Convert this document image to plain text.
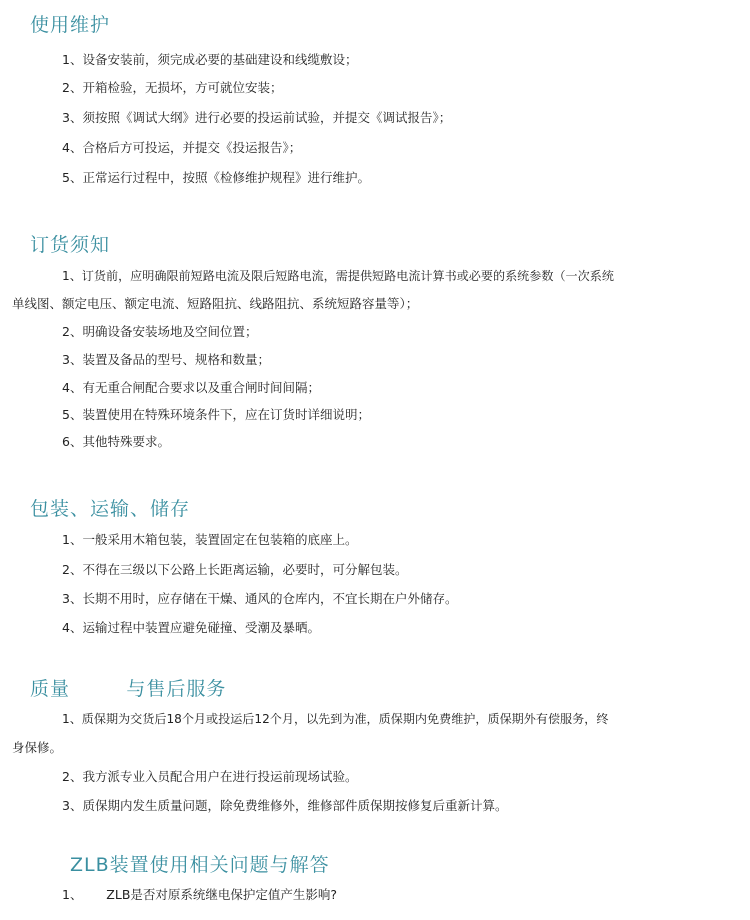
使用维护

1、设备安装前，须完成必要的基础建设和线缆敷设；

2、开箱检验，无损坏，方可就位安装；

3、须按照《调试大纲》进行必要的投运前试验，并提交《调试报告》；

4、合格后方可投运，并提交《投运报告》；

5、正常运行过程中，按照《检修维护规程》进行维护。

订货须知

1、订货前，应明确限前短路电流及限后短路电流，需提供短路电流计算书或必要的系统参数（一次系统

单线图、额定电压、额定电流、短路阻抗、线路阻抗、系统短路容量等）；

2、明确设备安装场地及空间位置；

3、装置及备品的型号、规格和数量；

4、有无重合闸配合要求以及重合闸时间间隔；

5、装置使用在特殊环境条件下，应在订货时详细说明；

6、其他特殊要求。

包装、运输、储存

1、一般采用木箱包装，装置固定在包装箱的底座上。

2、不得在三级以下公路上长距离运输，必要时，可分解包装。

3、长期不用时，应存储在干燥、通风的仓库内，不宜长期在户外储存。

4、运输过程中装置应避免碰撞、受潮及暴晒。

质量        与售后服务

1、质保期为交货后18个月或投运后12个月，以先到为准，质保期内免费维护，质保期外有偿服务，终

身保修。

2、我方派专业入员配合用户在进行投运前现场试验。

3、质保期内发生质量问题，除免费维修外，维修部件质保期按修复后重新计算。

ZLB装置使用相关问题与解答

1、      ZLB是否对原系统继电保护定值产生影响?
